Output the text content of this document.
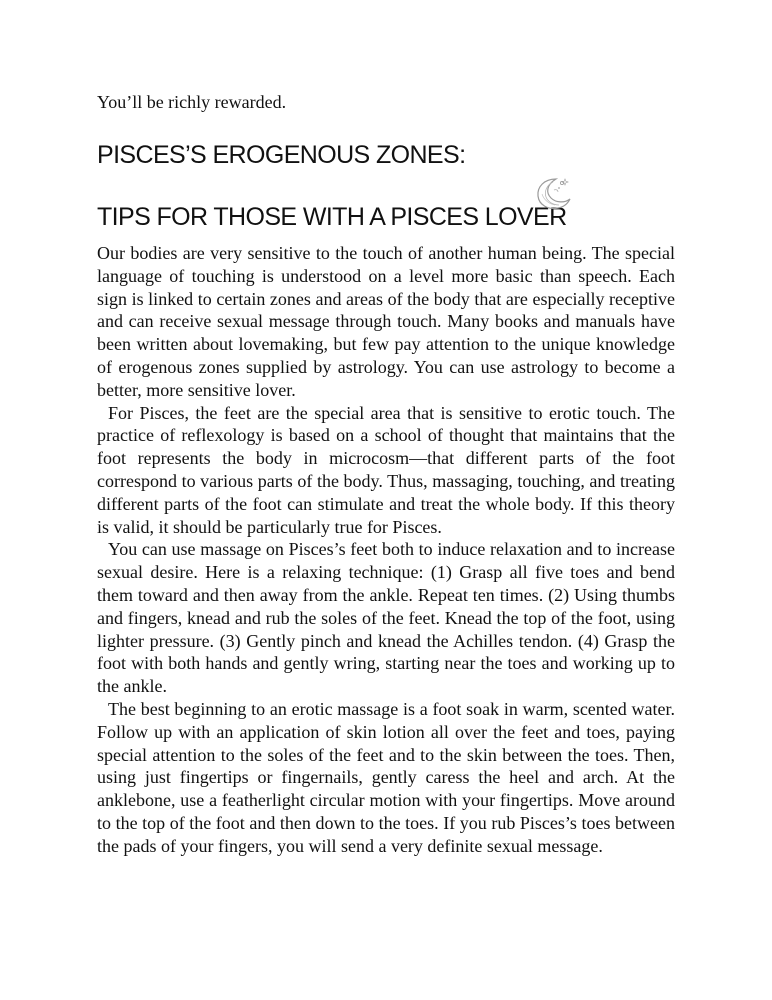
You’ll be richly rewarded.

PISCES’S EROGENOUS ZONES:
TIPS FOR THOSE WITH A PISCES LOVER

Our bodies are very sensitive to the touch of another human being. The special language of touching is understood on a level more basic than speech. Each sign is linked to certain zones and areas of the body that are especially receptive and can receive sexual message through touch. Many books and manuals have been written about lovemaking, but few pay attention to the unique knowledge of erogenous zones supplied by astrology. You can use astrology to become a better, more sensitive lover.

For Pisces, the feet are the special area that is sensitive to erotic touch. The practice of reflexology is based on a school of thought that maintains that the foot represents the body in microcosm—that different parts of the foot correspond to various parts of the body. Thus, massaging, touching, and treating different parts of the foot can stimulate and treat the whole body. If this theory is valid, it should be particularly true for Pisces.

You can use massage on Pisces’s feet both to induce relaxation and to increase sexual desire. Here is a relaxing technique: (1) Grasp all five toes and bend them toward and then away from the ankle. Repeat ten times. (2) Using thumbs and fingers, knead and rub the soles of the feet. Knead the top of the foot, using lighter pressure. (3) Gently pinch and knead the Achilles tendon. (4) Grasp the foot with both hands and gently wring, starting near the toes and working up to the ankle.

The best beginning to an erotic massage is a foot soak in warm, scented water. Follow up with an application of skin lotion all over the feet and toes, paying special attention to the soles of the feet and to the skin between the toes. Then, using just fingertips or fingernails, gently caress the heel and arch. At the anklebone, use a featherlight circular motion with your fingertips. Move around to the top of the foot and then down to the toes. If you rub Pisces’s toes between the pads of your fingers, you will send a very definite sexual message.
